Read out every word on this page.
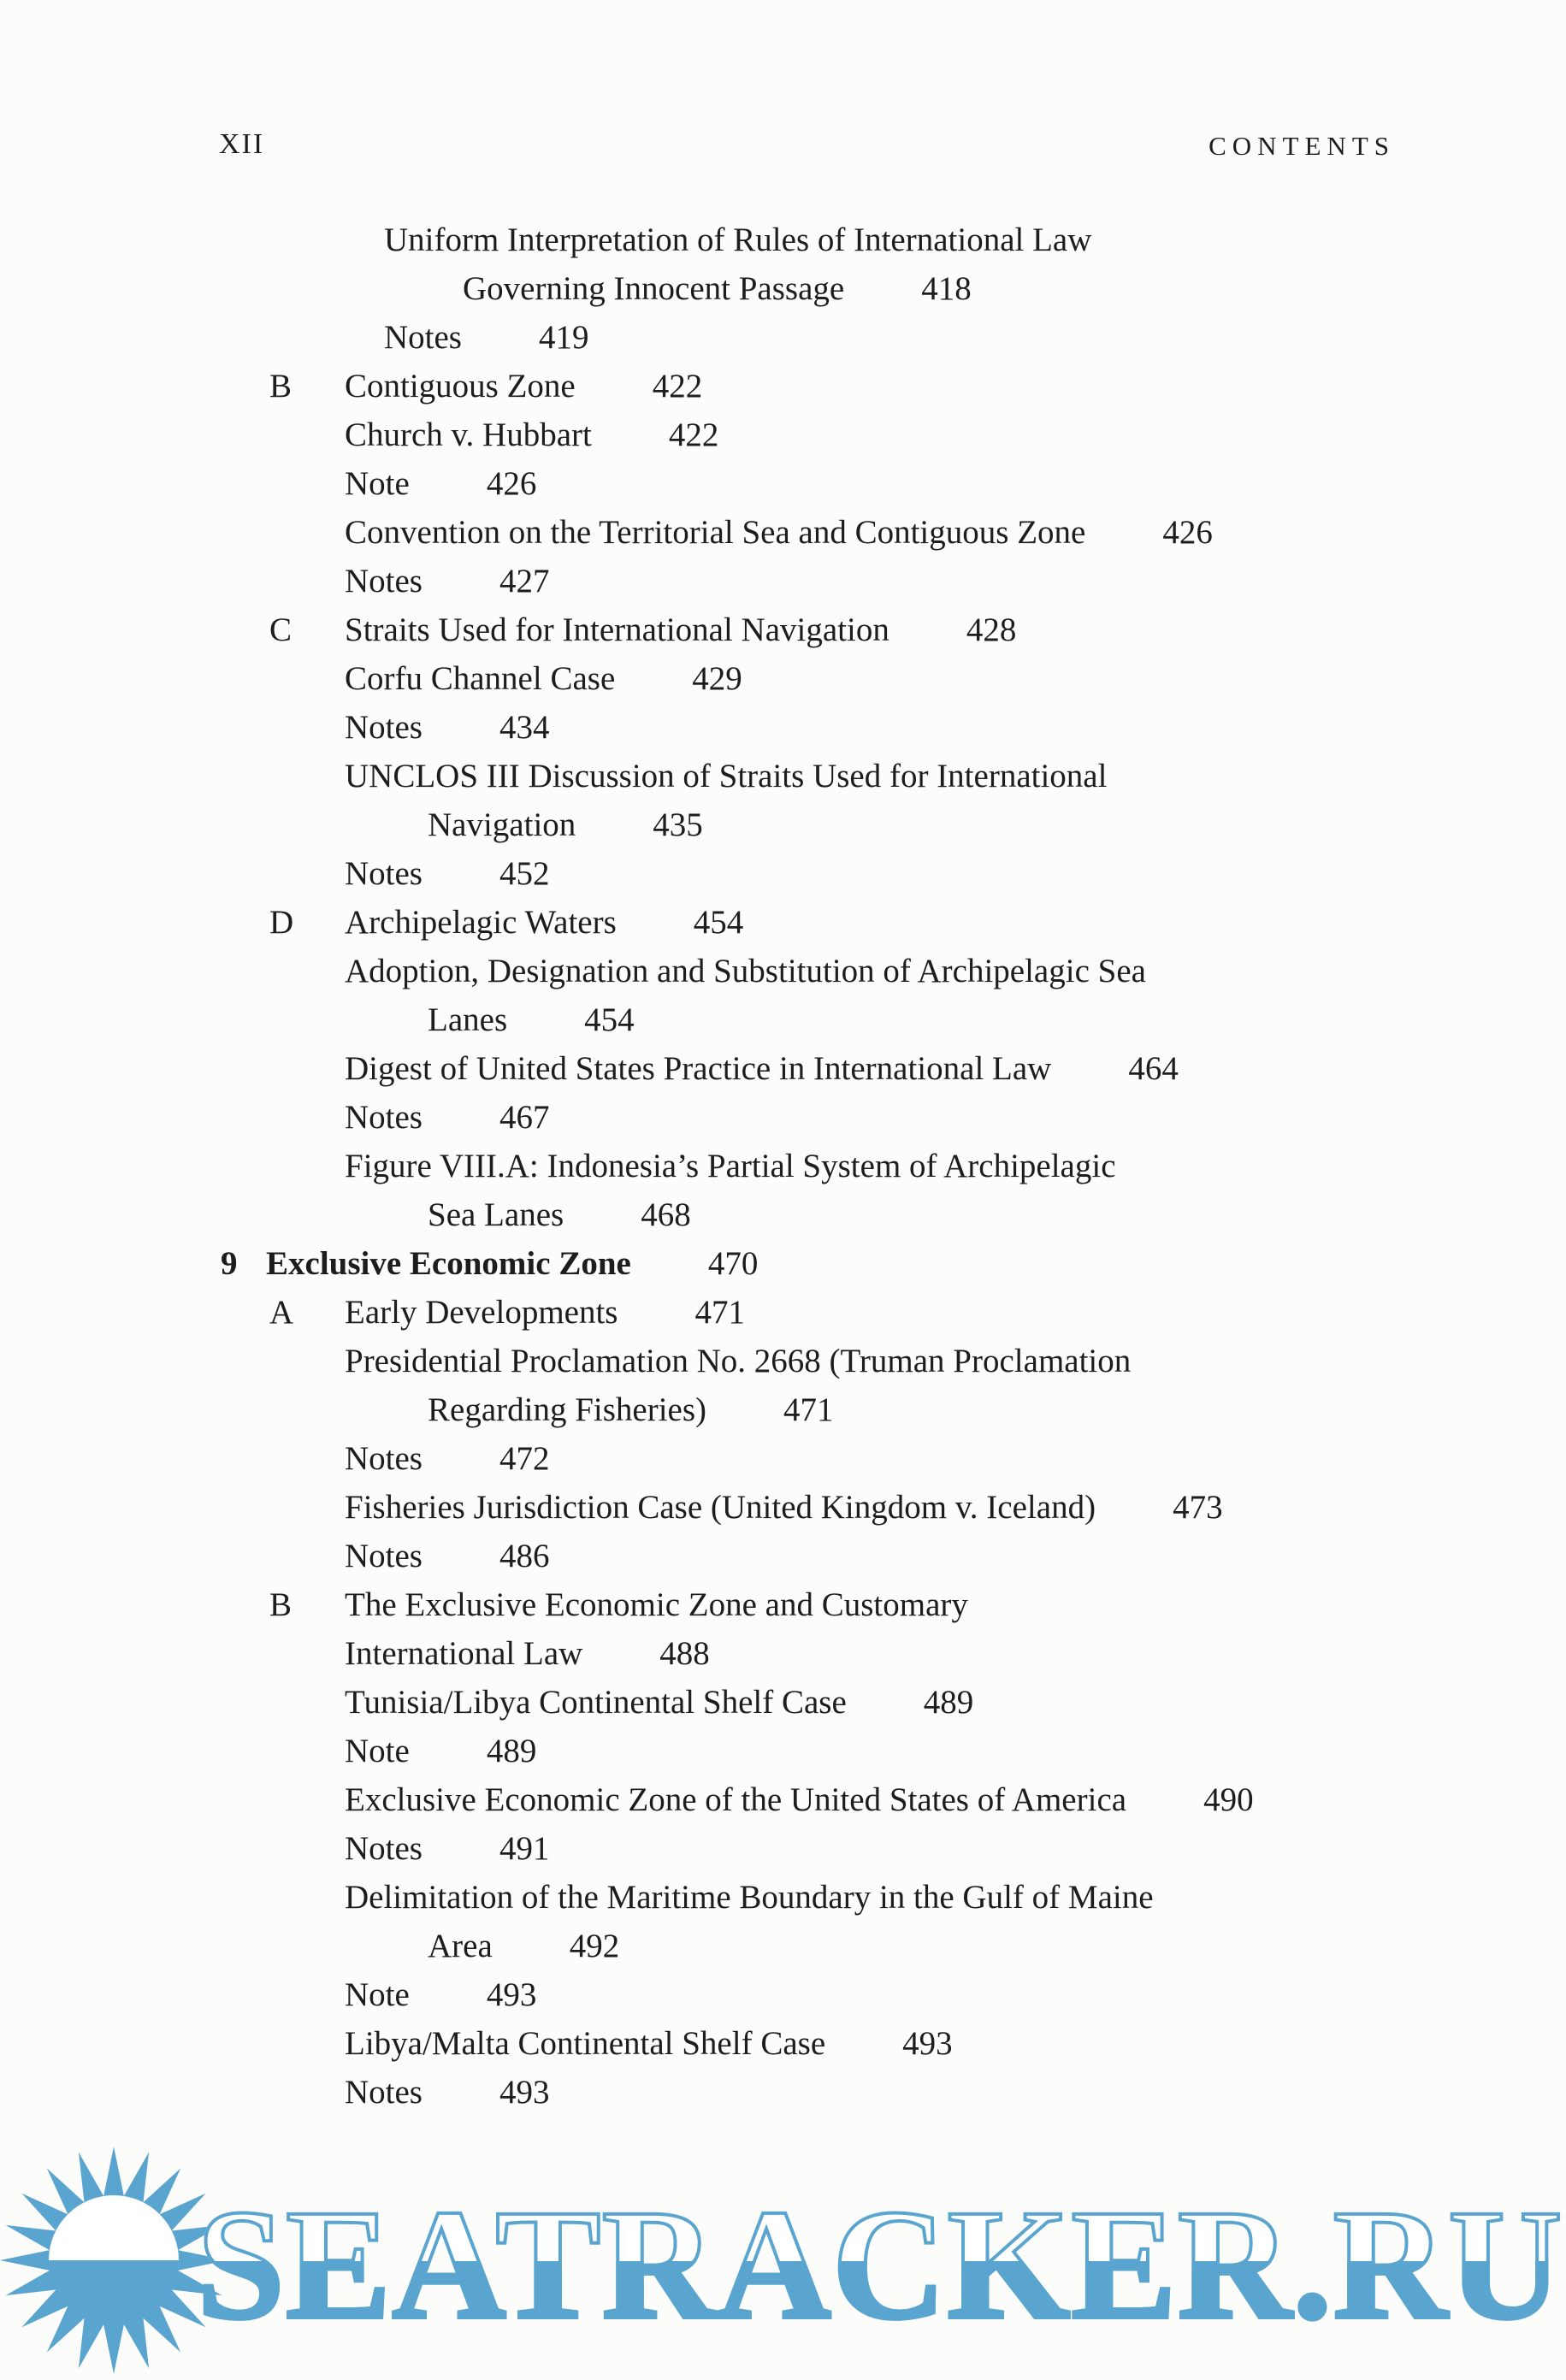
XII	CONTENTS
Uniform Interpretation of Rules of International Law
Governing Innocent Passage 418
Notes 419
B Contiguous Zone 422
Church v. Hubbart 422
Note 426
Convention on the Territorial Sea and Contiguous Zone 426
Notes 427
C Straits Used for International Navigation 428
Corfu Channel Case 429
Notes 434
UNCLOS III Discussion of Straits Used for International
Navigation 435
Notes 452
D Archipelagic Waters 454
Adoption, Designation and Substitution of Archipelagic Sea
Lanes 454
Digest of United States Practice in International Law 464
Notes 467
Figure VIII.A: Indonesia’s Partial System of Archipelagic
Sea Lanes 468
9 Exclusive Economic Zone 470
A Early Developments 471
Presidential Proclamation No. 2668 (Truman Proclamation
Regarding Fisheries) 471
Notes 472
Fisheries Jurisdiction Case (United Kingdom v. Iceland) 473
Notes 486
B The Exclusive Economic Zone and Customary
International Law 488
Tunisia/Libya Continental Shelf Case 489
Note 489
Exclusive Economic Zone of the United States of America 490
Notes 491
Delimitation of the Maritime Boundary in the Gulf of Maine
Area 492
Note 493
Libya/Malta Continental Shelf Case 493
Notes 493
SEATRACKER.RU
